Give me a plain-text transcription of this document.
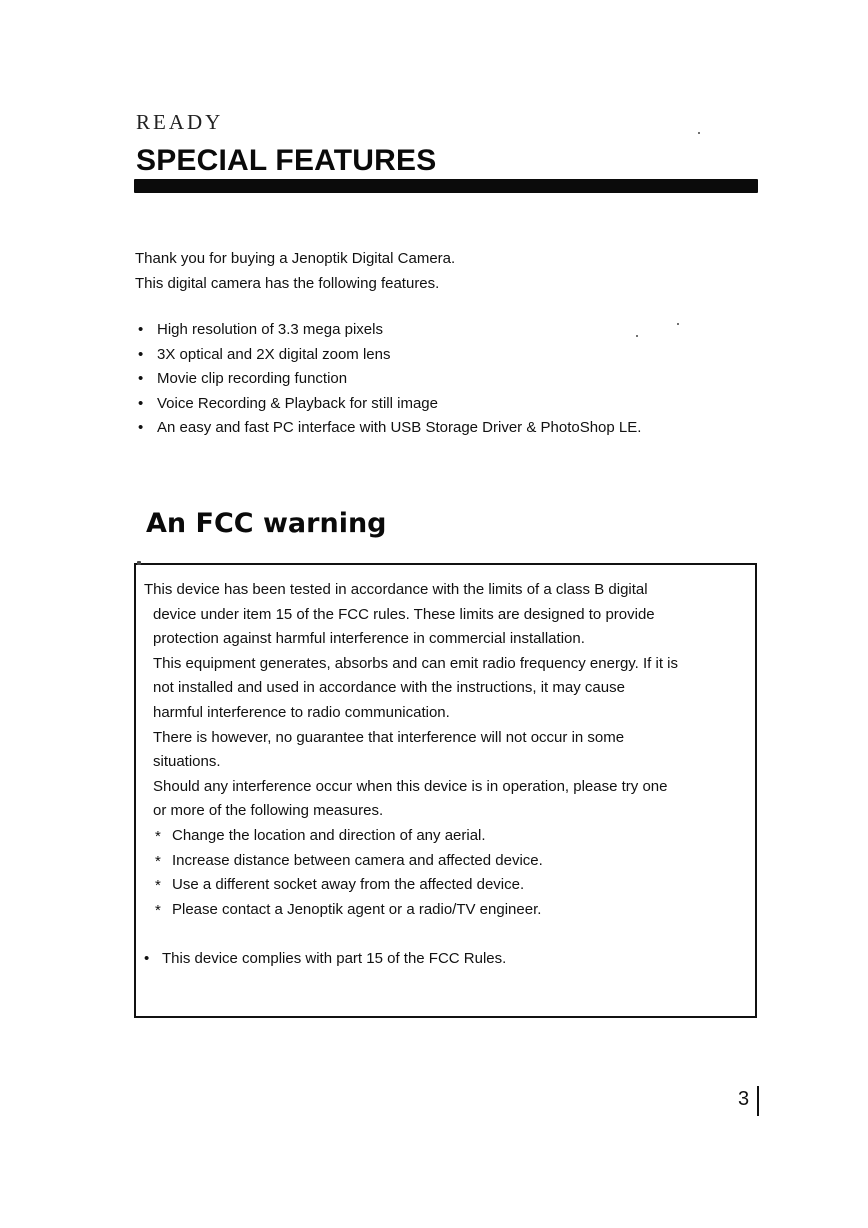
READY
SPECIAL FEATURES

Thank you for buying a Jenoptik Digital Camera.

This digital camera has the following features.

• High resolution of 3.3 mega pixels
• 3X optical and 2X digital zoom lens
• Movie clip recording function
• Voice Recording & Playback for still image
• An easy and fast PC interface with USB Storage Driver & PhotoShop LE.
An FCC warning
This device has been tested in accordance with the limits of a class B digital
device under item 15 of the FCC rules. These limits are designed to provide
protection against harmful interference in commercial installation.
This equipment generates, absorbs and can emit radio frequency energy. If it is
not installed and used in accordance with the instructions, it may cause
harmful interference to radio communication.
There is however, no guarantee that interference will not occur in some
situations.
Should any interference occur when this device is in operation, please try one
or more of the following measures.
* Change the location and direction of any aerial.
* Increase distance between camera and affected device.
* Use a different socket away from the affected device.
* Please contact a Jenoptik agent or a radio/TV engineer.
• This device complies with part 15 of the FCC Rules.
3
